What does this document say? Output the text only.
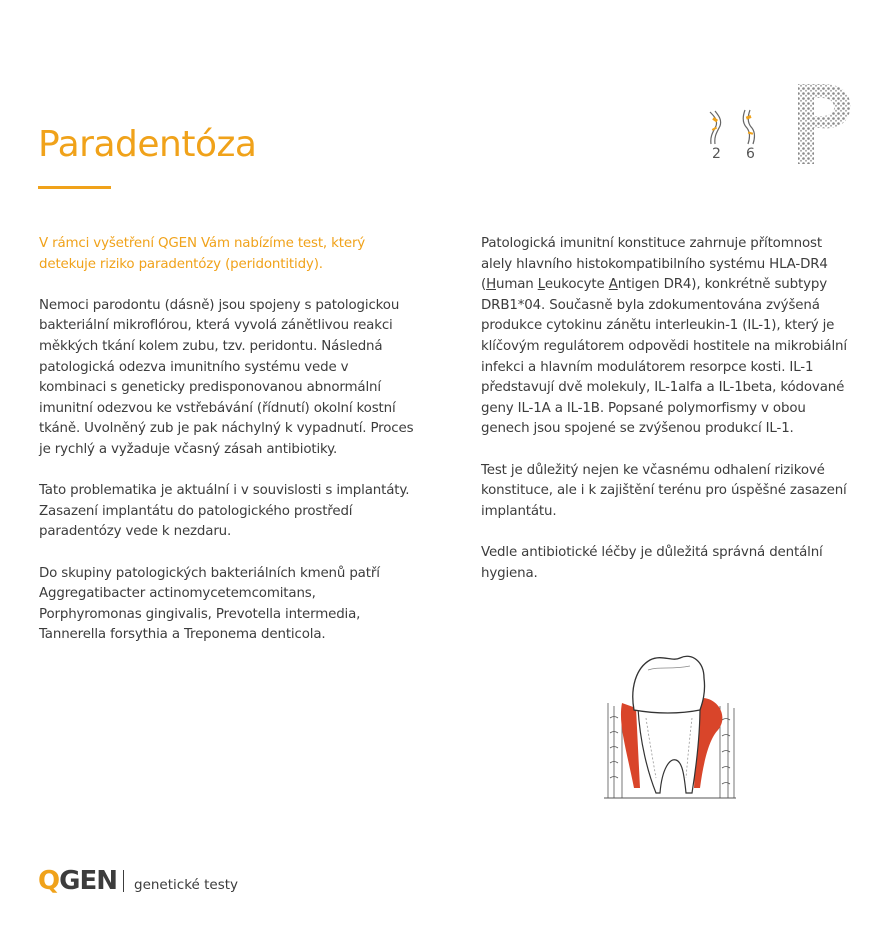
Paradentóza	2 6

V rámci vyšetření QGEN Vám nabízíme test, který detekuje riziko paradentózy (peridontitidy).

Nemoci parodontu (dásně) jsou spojeny s patologickou bakteriální mikroflórou, která vyvolá zánětlivou reakci měkkých tkání kolem zubu, tzv. peridontu. Následná patologická odezva imunitního systému vede v kombinaci s geneticky predisponovanou abnormální imunitní odezvou ke vstřebávání (řídnutí) okolní kostní tkáně. Uvolněný zub je pak náchylný k vypadnutí. Proces je rychlý a vyžaduje včasný zásah antibiotiky.

Tato problematika je aktuální i v souvislosti s implantáty. Zasazení implantátu do patologického prostředí paradentózy vede k nezdaru.

Do skupiny patologických bakteriálních kmenů patří Aggregatibacter actinomycetemcomitans, Porphyromonas gingivalis, Prevotella intermedia, Tannerella forsythia a Treponema denticola.

Patologická imunitní konstituce zahrnuje přítomnost alely hlavního histokompatibilního systému HLA-DR4 (Human Leukocyte Antigen DR4), konkrétně subtypy DRB1*04. Současně byla zdokumentována zvýšená produkce cytokinu zánětu interleukin-1 (IL-1), který je klíčovým regulátorem odpovědi hostitele na mikrobiální infekci a hlavním modulátorem resorpce kosti. IL-1 představují dvě molekuly, IL-1alfa a IL-1beta, kódované geny IL-1A a IL-1B. Popsané polymorfismy v obou genech jsou spojené se zvýšenou produkcí IL-1.

Test je důležitý nejen ke včasnému odhalení rizikové konstituce, ale i k zajištění terénu pro úspěšné zasazení implantátu.

Vedle antibiotické léčby je důležitá správná dentální hygiena.

QGEN genetické testy
